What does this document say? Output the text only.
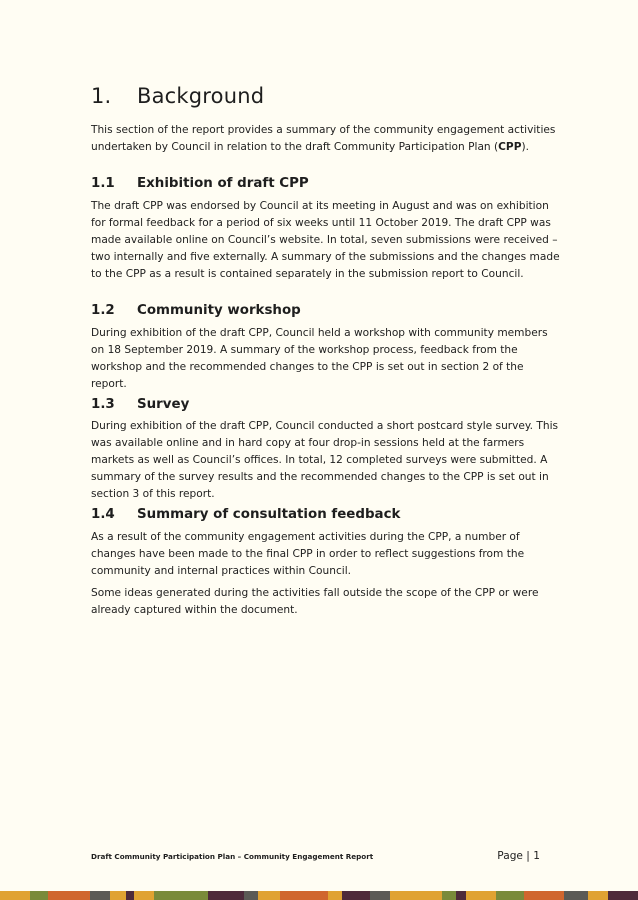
1. Background

This section of the report provides a summary of the community engagement activities undertaken by Council in relation to the draft Community Participation Plan (CPP).

1.1 Exhibition of draft CPP

The draft CPP was endorsed by Council at its meeting in August and was on exhibition for formal feedback for a period of six weeks until 11 October 2019. The draft CPP was made available online on Council’s website. In total, seven submissions were received – two internally and five externally. A summary of the submissions and the changes made to the CPP as a result is contained separately in the submission report to Council.

1.2 Community workshop

During exhibition of the draft CPP, Council held a workshop with community members on 18 September 2019. A summary of the workshop process, feedback from the workshop and the recommended changes to the CPP is set out in section 2 of the report.

1.3 Survey

During exhibition of the draft CPP, Council conducted a short postcard style survey. This was available online and in hard copy at four drop-in sessions held at the farmers markets as well as Council’s offices. In total, 12 completed surveys were submitted. A summary of the survey results and the recommended changes to the CPP is set out in section 3 of this report.

1.4 Summary of consultation feedback

As a result of the community engagement activities during the CPP, a number of changes have been made to the final CPP in order to reflect suggestions from the community and internal practices within Council.

Some ideas generated during the activities fall outside the scope of the CPP or were already captured within the document.

Draft Community Participation Plan – Community Engagement Report	Page | 1
